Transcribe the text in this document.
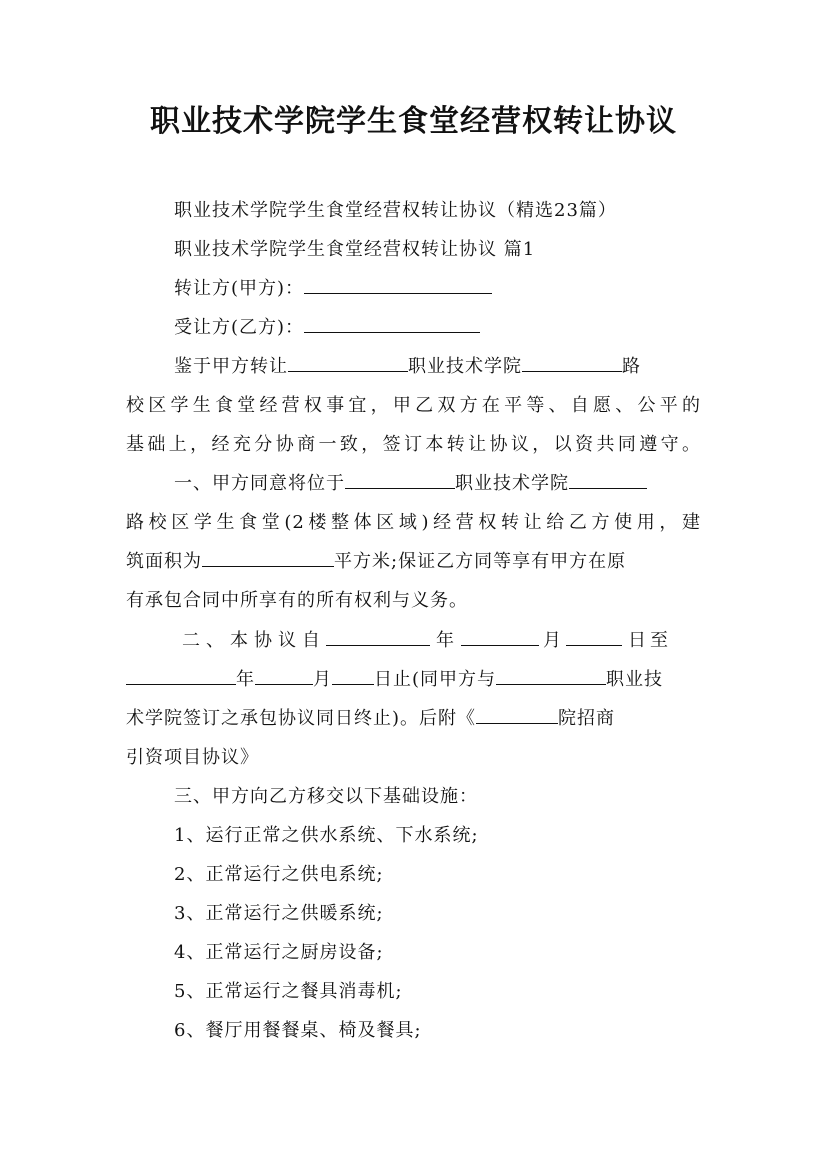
职业技术学院学生食堂经营权转让协议
职业技术学院学生食堂经营权转让协议（精选23篇）
职业技术学院学生食堂经营权转让协议 篇1
转让方(甲方)：
受让方(乙方)：
鉴于甲方转让	职业技术学院	路
校区学生食堂经营权事宜，甲乙双方在平等、自愿、公平的
基础上，经充分协商一致，签订本转让协议，以资共同遵守。
一、甲方同意将位于	职业技术学院
路校区学生食堂(2楼整体区域)经营权转让给乙方使用，建
筑面积为	平方米;保证乙方同等享有甲方在原
有承包合同中所享有的所有权利与义务。
二、本协议自	年	月	日至
年	月 日止(同甲方与	职业技
术学院签订之承包协议同日终止)。后附《	院招商
引资项目协议》
三、甲方向乙方移交以下基础设施：
1、运行正常之供水系统、下水系统;
2、正常运行之供电系统;
3、正常运行之供暖系统;
4、正常运行之厨房设备;
5、正常运行之餐具消毒机;
6、餐厅用餐餐桌、椅及餐具;
